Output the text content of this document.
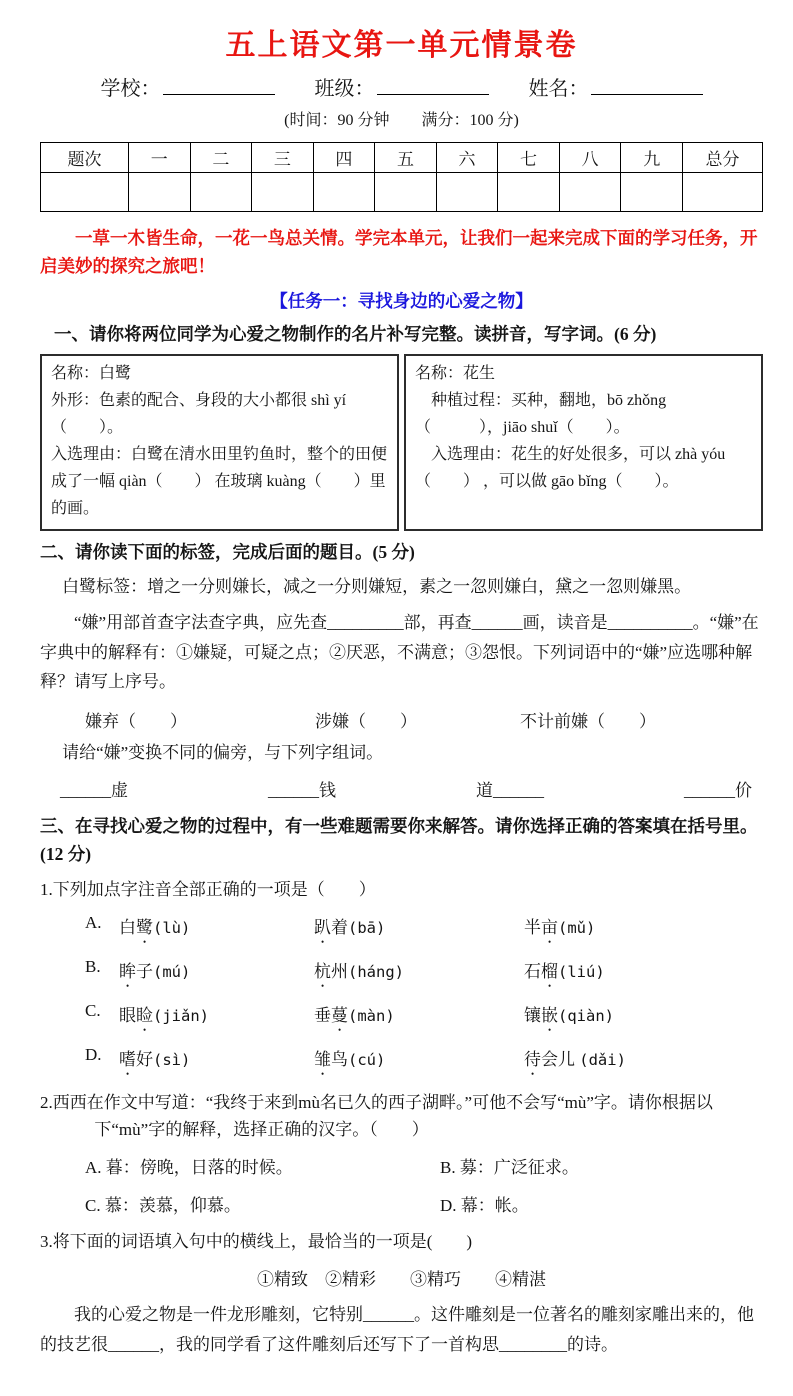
五上语文第一单元情景卷
学校：	班级：	姓名：
(时间：90 分钟　　满分：100 分)
题次	一	二	三	四	五	六	七	八	九	总分

一草一木皆生命，一花一鸟总关情。学完本单元，让我们一起来完成下面的学习任务，开启美妙的探究之旅吧！

【任务一：寻找身边的心爱之物】
一、请你将两位同学为心爱之物制作的名片补写完整。读拼音，写字词。(6 分)

名称：白鹭

外形：色素的配合、身段的大小都很 shì yí（　　）。

入选理由：白鹭在清水田里钓鱼时，整个的田便成了一幅 qiàn（　　） 在玻璃 kuàng（　　）里的画。

名称：花生

种植过程：买种，翻地，bō zhǒng（　　　），jiāo shuǐ（　　）。

入选理由：花生的好处很多，可以 zhà yóu（　　） ，可以做 gāo bǐng（　　）。

二、请你读下面的标签，完成后面的题目。(5 分)

白鹭标签：增之一分则嫌长，减之一分则嫌短，素之一忽则嫌白，黛之一忽则嫌黑。

“嫌”用部首查字法查字典，应先查_________部，再查______画，读音是__________。“嫌”在字典中的解释有：①嫌疑，可疑之点；②厌恶，不满意；③怨恨。下列词语中的“嫌”应选哪种解释？请写上序号。

嫌弃（　　）	涉嫌（　　）	不计前嫌（　　）

请给“嫌”变换不同的偏旁，与下列字组词。

______虚	______钱	道______	______价
三、在寻找心爱之物的过程中，有一些难题需要你来解答。请你选择正确的答案填在括号里。(12 分)

1.下列加点字注音全部正确的一项是（　　）

A.	白鹭(lù)	趴着(bā)	半亩(mǔ)
B.	眸子(mú)	杭州(háng)	石榴(liú)
C.	眼睑(jiǎn)	垂蔓(màn)	镶嵌(qiàn)
D.	嗜好(sì)	雏鸟(cú)	待会儿 (dǎi)

2.西西在作文中写道：“我终于来到mù名已久的西子湖畔。”可他不会写“mù”字。请你根据以下“mù”字的解释，选择正确的汉字。（　　）

A. 暮：傍晚，日落的时候。	B. 募：广泛征求。
C. 慕：羡慕，仰慕。	D. 幕：帐。

3.将下面的词语填入句中的横线上，最恰当的一项是(　　)

①精致　②精彩　　③精巧　　④精湛

我的心爱之物是一件龙形雕刻，它特别______。这件雕刻是一位著名的雕刻家雕出来的，他的技艺很______，我的同学看了这件雕刻后还写下了一首构思________的诗。
